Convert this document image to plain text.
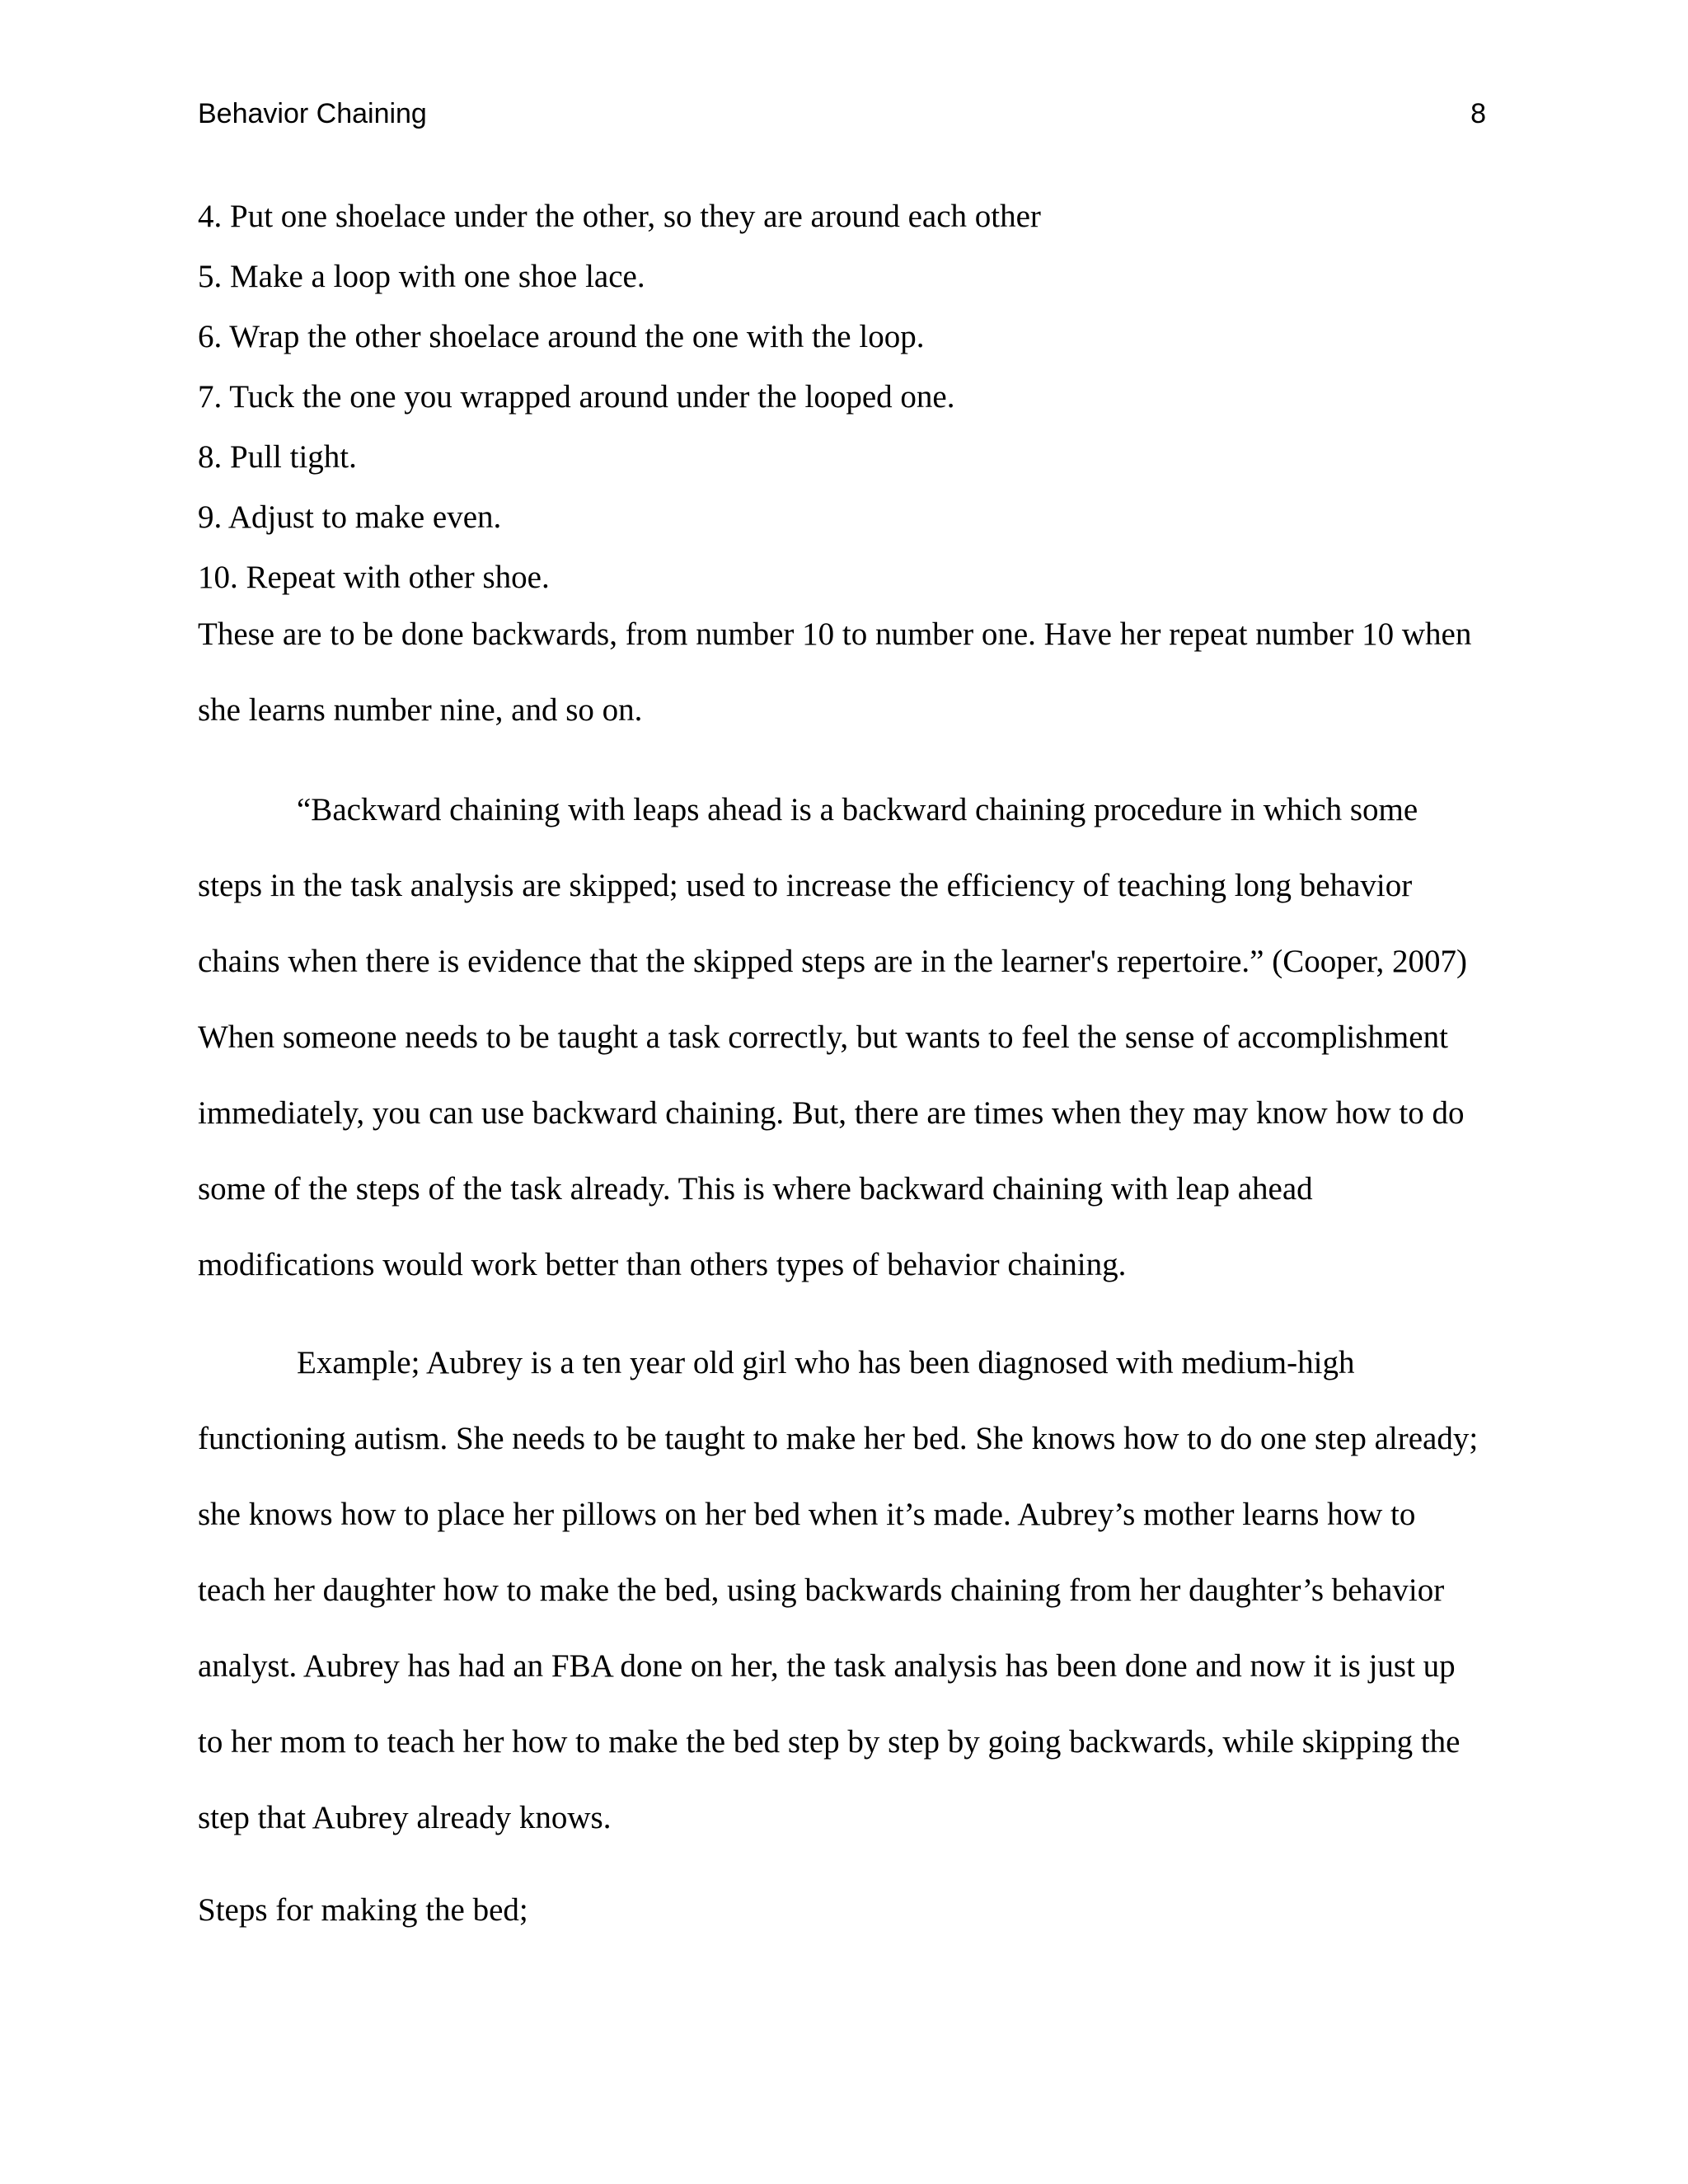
Behavior Chaining	8
4. Put one shoelace under the other, so they are around each other
5. Make a loop with one shoe lace.
6. Wrap the other shoelace around the one with the loop.
7. Tuck the one you wrapped around under the looped one.
8. Pull tight.
9. Adjust to make even.
10. Repeat with other shoe.

These are to be done backwards, from number 10 to number one. Have her repeat number 10 when she learns number nine, and so on.

“Backward chaining with leaps ahead is a backward chaining procedure in which some steps in the task analysis are skipped; used to increase the efficiency of teaching long behavior chains when there is evidence that the skipped steps are in the learner's repertoire.” (Cooper, 2007) When someone needs to be taught a task correctly, but wants to feel the sense of accomplishment immediately, you can use backward chaining. But, there are times when they may know how to do some of the steps of the task already. This is where backward chaining with leap ahead modifications would work better than others types of behavior chaining.

Example; Aubrey is a ten year old girl who has been diagnosed with medium-high functioning autism. She needs to be taught to make her bed. She knows how to do one step already; she knows how to place her pillows on her bed when it’s made. Aubrey’s mother learns how to teach her daughter how to make the bed, using backwards chaining from her daughter’s behavior analyst. Aubrey has had an FBA done on her, the task analysis has been done and now it is just up to her mom to teach her how to make the bed step by step by going backwards, while skipping the step that Aubrey already knows.

Steps for making the bed;
